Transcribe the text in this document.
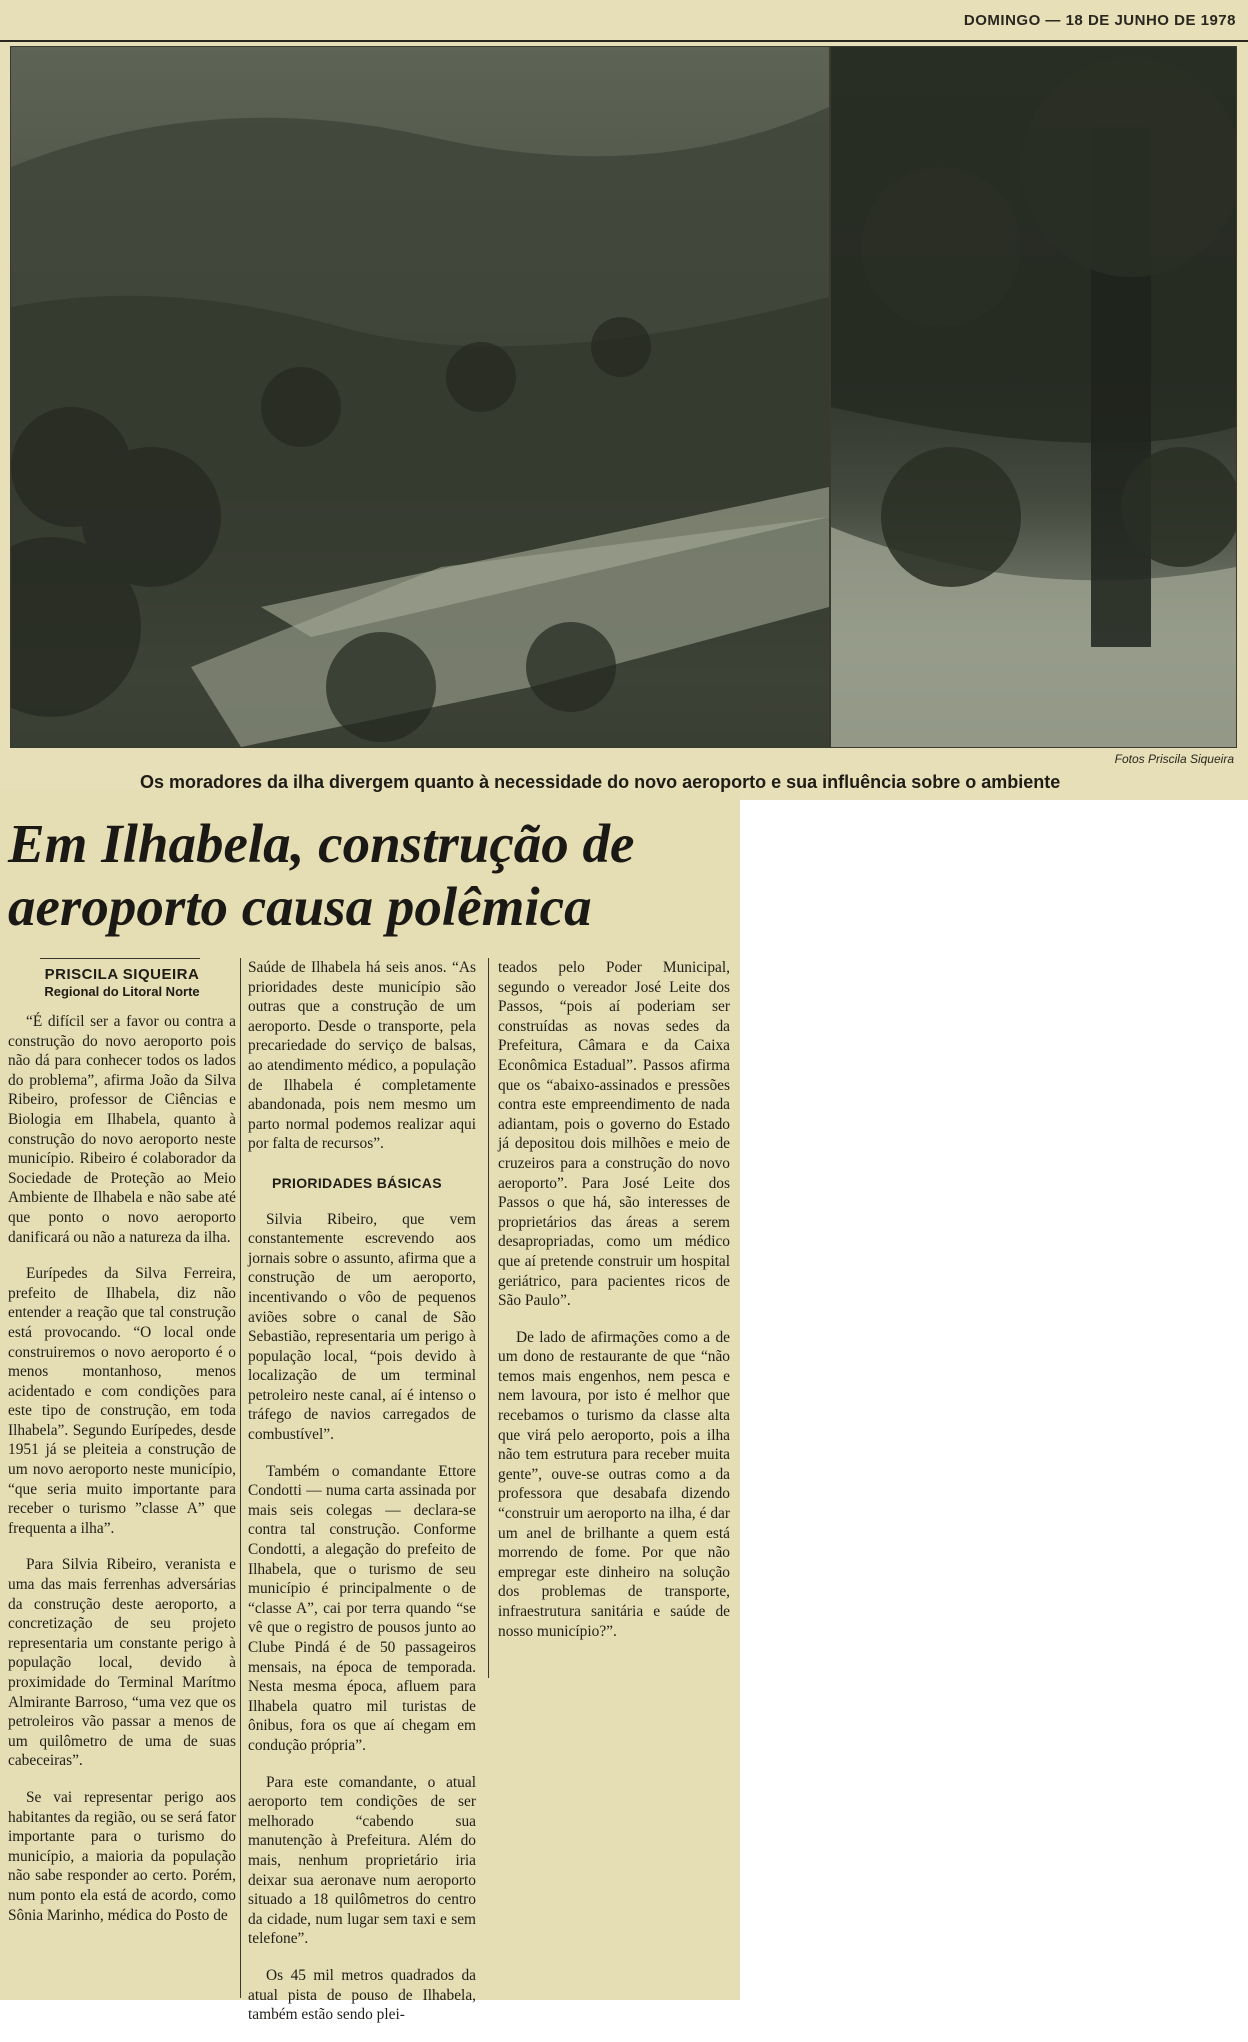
DOMINGO — 18 DE JUNHO DE 1978
Fotos Priscila Siqueira
Os moradores da ilha divergem quanto à necessidade do novo aeroporto e sua influência sobre o ambiente
Em Ilhabela, construção de aeroporto causa polêmica
PRISCILA SIQUEIRA
Regional do Litoral Norte

“É difícil ser a favor ou contra a construção do novo aeroporto pois não dá para conhecer todos os lados do problema”, afirma João da Silva Ribeiro, professor de Ciências e Biologia em Ilhabela, quanto à construção do novo aeroporto neste município. Ribeiro é colaborador da Sociedade de Proteção ao Meio Ambiente de Ilhabela e não sabe até que ponto o novo aeroporto danificará ou não a natureza da ilha.

Eurípedes da Silva Ferreira, prefeito de Ilhabela, diz não entender a reação que tal construção está provocando. “O local onde construiremos o novo aeroporto é o menos montanhoso, menos acidentado e com condições para este tipo de construção, em toda Ilhabela”. Segundo Eurípedes, desde 1951 já se pleiteia a construção de um novo aeroporto neste município, “que seria muito importante para receber o turismo ”classe A” que frequenta a ilha”.

Para Silvia Ribeiro, veranista e uma das mais ferrenhas adversárias da construção deste aeroporto, a concretização de seu projeto representaria um constante perigo à população local, devido à proximidade do Terminal Marítmo Almirante Barroso, “uma vez que os petroleiros vão passar a menos de um quilômetro de uma de suas cabeceiras”.

Se vai representar perigo aos habitantes da região, ou se será fator importante para o turismo do município, a maioria da população não sabe responder ao certo. Porém, num ponto ela está de acordo, como Sônia Marinho, médica do Posto de

Saúde de Ilhabela há seis anos. “As prioridades deste município são outras que a construção de um aeroporto. Desde o transporte, pela precariedade do serviço de balsas, ao atendimento médico, a população de Ilhabela é completamente abandonada, pois nem mesmo um parto normal podemos realizar aqui por falta de recursos”.

PRIORIDADES BÁSICAS

Silvia Ribeiro, que vem constantemente escrevendo aos jornais sobre o assunto, afirma que a construção de um aeroporto, incentivando o vôo de pequenos aviões sobre o canal de São Sebastião, representaria um perigo à população local, “pois devido à localização de um terminal petroleiro neste canal, aí é intenso o tráfego de navios carregados de combustível”.

Também o comandante Ettore Condotti — numa carta assinada por mais seis colegas — declara-se contra tal construção. Conforme Condotti, a alegação do prefeito de Ilhabela, que o turismo de seu município é principalmente o de “classe A”, cai por terra quando “se vê que o registro de pousos junto ao Clube Pindá é de 50 passageiros mensais, na época de temporada. Nesta mesma época, afluem para Ilhabela quatro mil turistas de ônibus, fora os que aí chegam em condução própria”.

Para este comandante, o atual aeroporto tem condições de ser melhorado “cabendo sua manutenção à Prefeitura. Além do mais, nenhum proprietário iria deixar sua aeronave num aeroporto situado a 18 quilômetros do centro da cidade, num lugar sem taxi e sem telefone”.

Os 45 mil metros quadrados da atual pista de pouso de Ilhabela, também estão sendo plei-

teados pelo Poder Municipal, segundo o vereador José Leite dos Passos, “pois aí poderiam ser construídas as novas sedes da Prefeitura, Câmara e da Caixa Econômica Estadual”. Passos afirma que os “abaixo-assinados e pressões contra este empreendimento de nada adiantam, pois o governo do Estado já depositou dois milhões e meio de cruzeiros para a construção do novo aeroporto”. Para José Leite dos Passos o que há, são interesses de proprietários das áreas a serem desapropriadas, como um médico que aí pretende construir um hospital geriátrico, para pacientes ricos de São Paulo”.

De lado de afirmações como a de um dono de restaurante de que “não temos mais engenhos, nem pesca e nem lavoura, por isto é melhor que recebamos o turismo da classe alta que virá pelo aeroporto, pois a ilha não tem estrutura para receber muita gente”, ouve-se outras como a da professora que desabafa dizendo “construir um aeroporto na ilha, é dar um anel de brilhante a quem está morrendo de fome. Por que não empregar este dinheiro na solução dos problemas de transporte, infraestrutura sanitária e saúde de nosso município?”.
